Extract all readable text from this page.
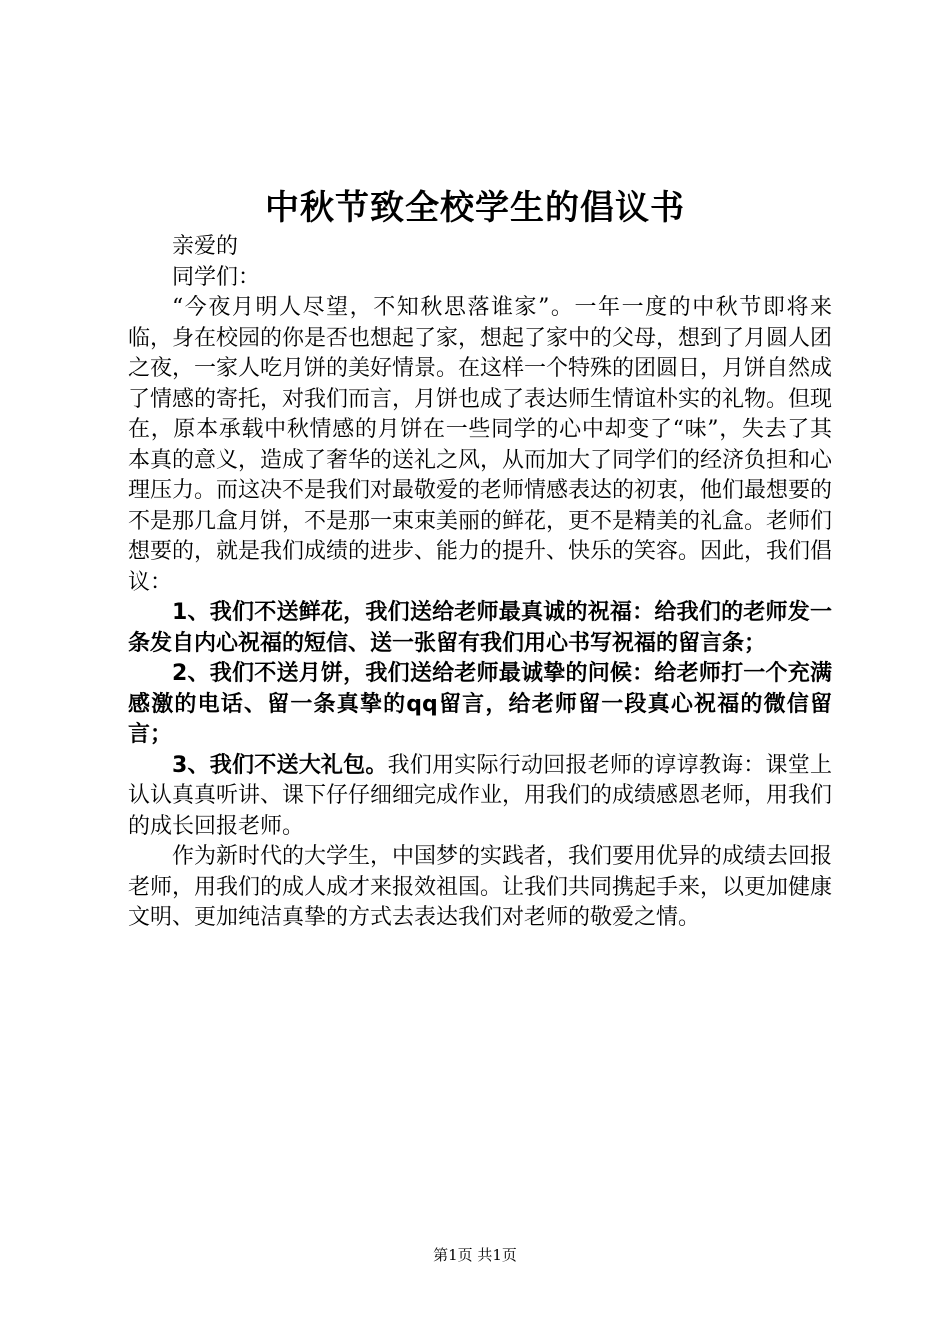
中秋节致全校学生的倡议书

亲爱的

同学们：

“今夜月明人尽望，不知秋思落谁家”。一年一度的中秋节即将来临，身在校园的你是否也想起了家，想起了家中的父母，想到了月圆人团之夜，一家人吃月饼的美好情景。在这样一个特殊的团圆日，月饼自然成了情感的寄托，对我们而言，月饼也成了表达师生情谊朴实的礼物。但现在，原本承载中秋情感的月饼在一些同学的心中却变了“味”，失去了其本真的意义，造成了奢华的送礼之风，从而加大了同学们的经济负担和心理压力。而这决不是我们对最敬爱的老师情感表达的初衷，他们最想要的不是那几盒月饼，不是那一束束美丽的鲜花，更不是精美的礼盒。老师们想要的，就是我们成绩的进步、能力的提升、快乐的笑容。因此，我们倡议：

1、我们不送鲜花，我们送给老师最真诚的祝福：给我们的老师发一条发自内心祝福的短信、送一张留有我们用心书写祝福的留言条；

2、我们不送月饼，我们送给老师最诚挚的问候：给老师打一个充满感激的电话、留一条真挚的qq留言，给老师留一段真心祝福的微信留言；

3、我们不送大礼包。我们用实际行动回报老师的谆谆教诲：课堂上认认真真听讲、课下仔仔细细完成作业，用我们的成绩感恩老师，用我们的成长回报老师。

作为新时代的大学生，中国梦的实践者，我们要用优异的成绩去回报老师，用我们的成人成才来报效祖国。让我们共同携起手来，以更加健康文明、更加纯洁真挚的方式去表达我们对老师的敬爱之情。

第1页 共1页
